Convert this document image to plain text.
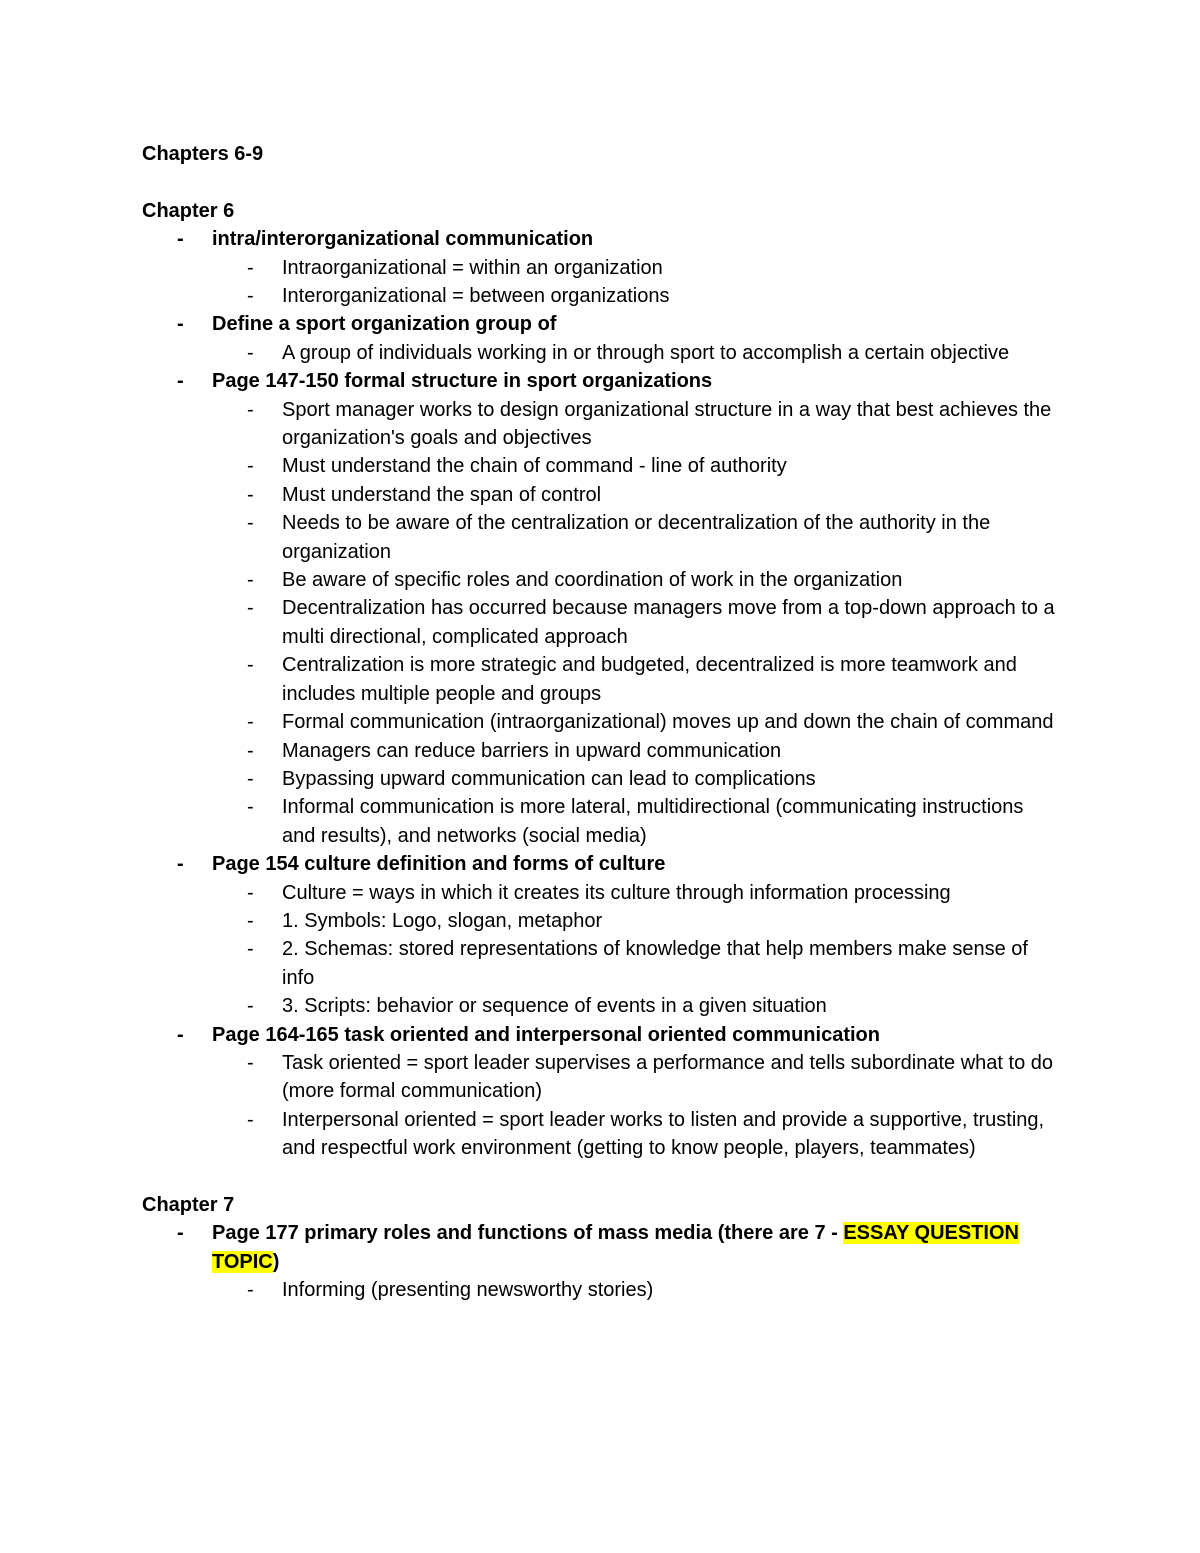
Chapters 6-9

Chapter 6

- intra/interorganizational communication
- Intraorganizational = within an organization
- Interorganizational = between organizations
- Define a sport organization group of
- A group of individuals working in or through sport to accomplish a certain objective
- Page 147-150 formal structure in sport organizations
- Sport manager works to design organizational structure in a way that best achieves the organization's goals and objectives
- Must understand the chain of command - line of authority
- Must understand the span of control
- Needs to be aware of the centralization or decentralization of the authority in the organization
- Be aware of specific roles and coordination of work in the organization
- Decentralization has occurred because managers move from a top-down approach to a multi directional, complicated approach
- Centralization is more strategic and budgeted, decentralized is more teamwork and includes multiple people and groups
- Formal communication (intraorganizational) moves up and down the chain of command
- Managers can reduce barriers in upward communication
- Bypassing upward communication can lead to complications
- Informal communication is more lateral, multidirectional (communicating instructions and results), and networks (social media)
- Page 154 culture definition and forms of culture
- Culture = ways in which it creates its culture through information processing
- 1. Symbols: Logo, slogan, metaphor
- 2. Schemas: stored representations of knowledge that help members make sense of info
- 3. Scripts: behavior or sequence of events in a given situation
- Page 164-165 task oriented and interpersonal oriented communication
- Task oriented = sport leader supervises a performance and tells subordinate what to do (more formal communication)
- Interpersonal oriented = sport leader works to listen and provide a supportive, trusting, and respectful work environment (getting to know people, players, teammates)

Chapter 7

- Page 177 primary roles and functions of mass media (there are 7 - ESSAY QUESTION TOPIC)
- Informing (presenting newsworthy stories)
